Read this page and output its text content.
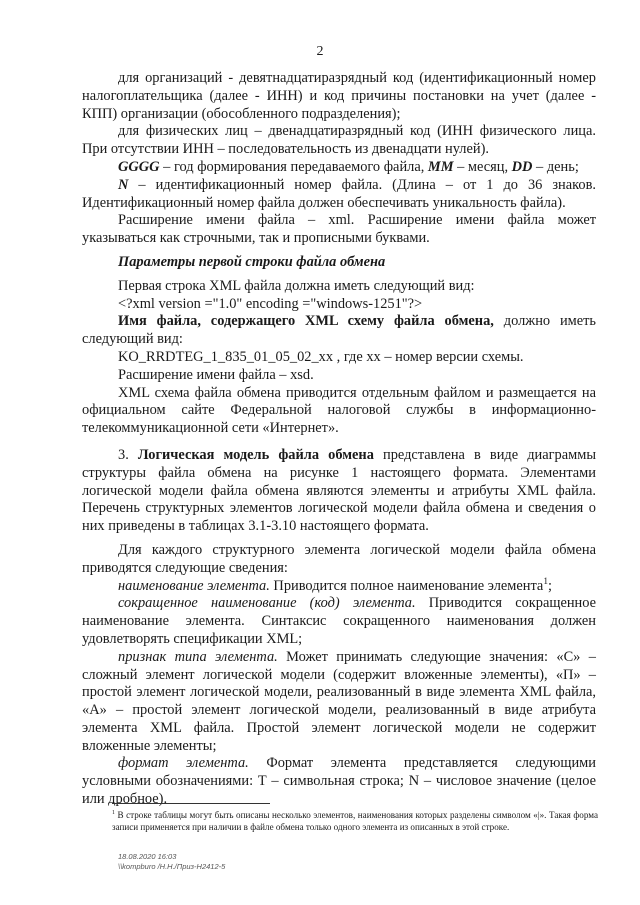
2

для организаций - девятнадцатиразрядный код (идентификационный номер налогоплательщика (далее - ИНН) и код причины постановки на учет (далее - КПП) организации (обособленного подразделения);

для физических лиц – двенадцатиразрядный код (ИНН физического лица. При отсутствии ИНН – последовательность из двенадцати нулей).

GGGG – год формирования передаваемого файла, MM – месяц, DD – день;

N – идентификационный номер файла. (Длина – от 1 до 36 знаков. Идентификационный номер файла должен обеспечивать уникальность файла).

Расширение имени файла – xml. Расширение имени файла может указываться как строчными, так и прописными буквами.

Параметры первой строки файла обмена

Первая строка XML файла должна иметь следующий вид:

<?xml version ="1.0" encoding ="windows-1251"?>

Имя файла, содержащего XML схему файла обмена, должно иметь следующий вид:

KO_RRDTEG_1_835_01_05_02_xx , где хх – номер версии схемы.

Расширение имени файла – xsd.

XML схема файла обмена приводится отдельным файлом и размещается на официальном сайте Федеральной налоговой службы в информационно-телекоммуникационной сети «Интернет».

3. Логическая модель файла обмена представлена в виде диаграммы структуры файла обмена на рисунке 1 настоящего формата. Элементами логической модели файла обмена являются элементы и атрибуты XML файла. Перечень структурных элементов логической модели файла обмена и сведения о них приведены в таблицах 3.1-3.10 настоящего формата.

Для каждого структурного элемента логической модели файла обмена приводятся следующие сведения:

наименование элемента. Приводится полное наименование элемента$^1$;

сокращенное наименование (код) элемента. Приводится сокращенное наименование элемента. Синтаксис сокращенного наименования должен удовлетворять спецификации XML;

признак типа элемента. Может принимать следующие значения: «С» – сложный элемент логической модели (содержит вложенные элементы), «П» – простой элемент логической модели, реализованный в виде элемента XML файла, «А» – простой элемент логической модели, реализованный в виде атрибута элемента XML файла. Простой элемент логической модели не содержит вложенные элементы;

формат элемента. Формат элемента представляется следующими условными обозначениями: Т – символьная строка; N – числовое значение (целое или дробное).

$^1$ В строке таблицы могут быть описаны несколько элементов, наименования которых разделены символом «|». Такая форма записи применяется при наличии в файле обмена только одного элемента из описанных в этой строке.
18.08.2020 16:03
\\kompburo /Н.Н./Приз-Н2412-5
